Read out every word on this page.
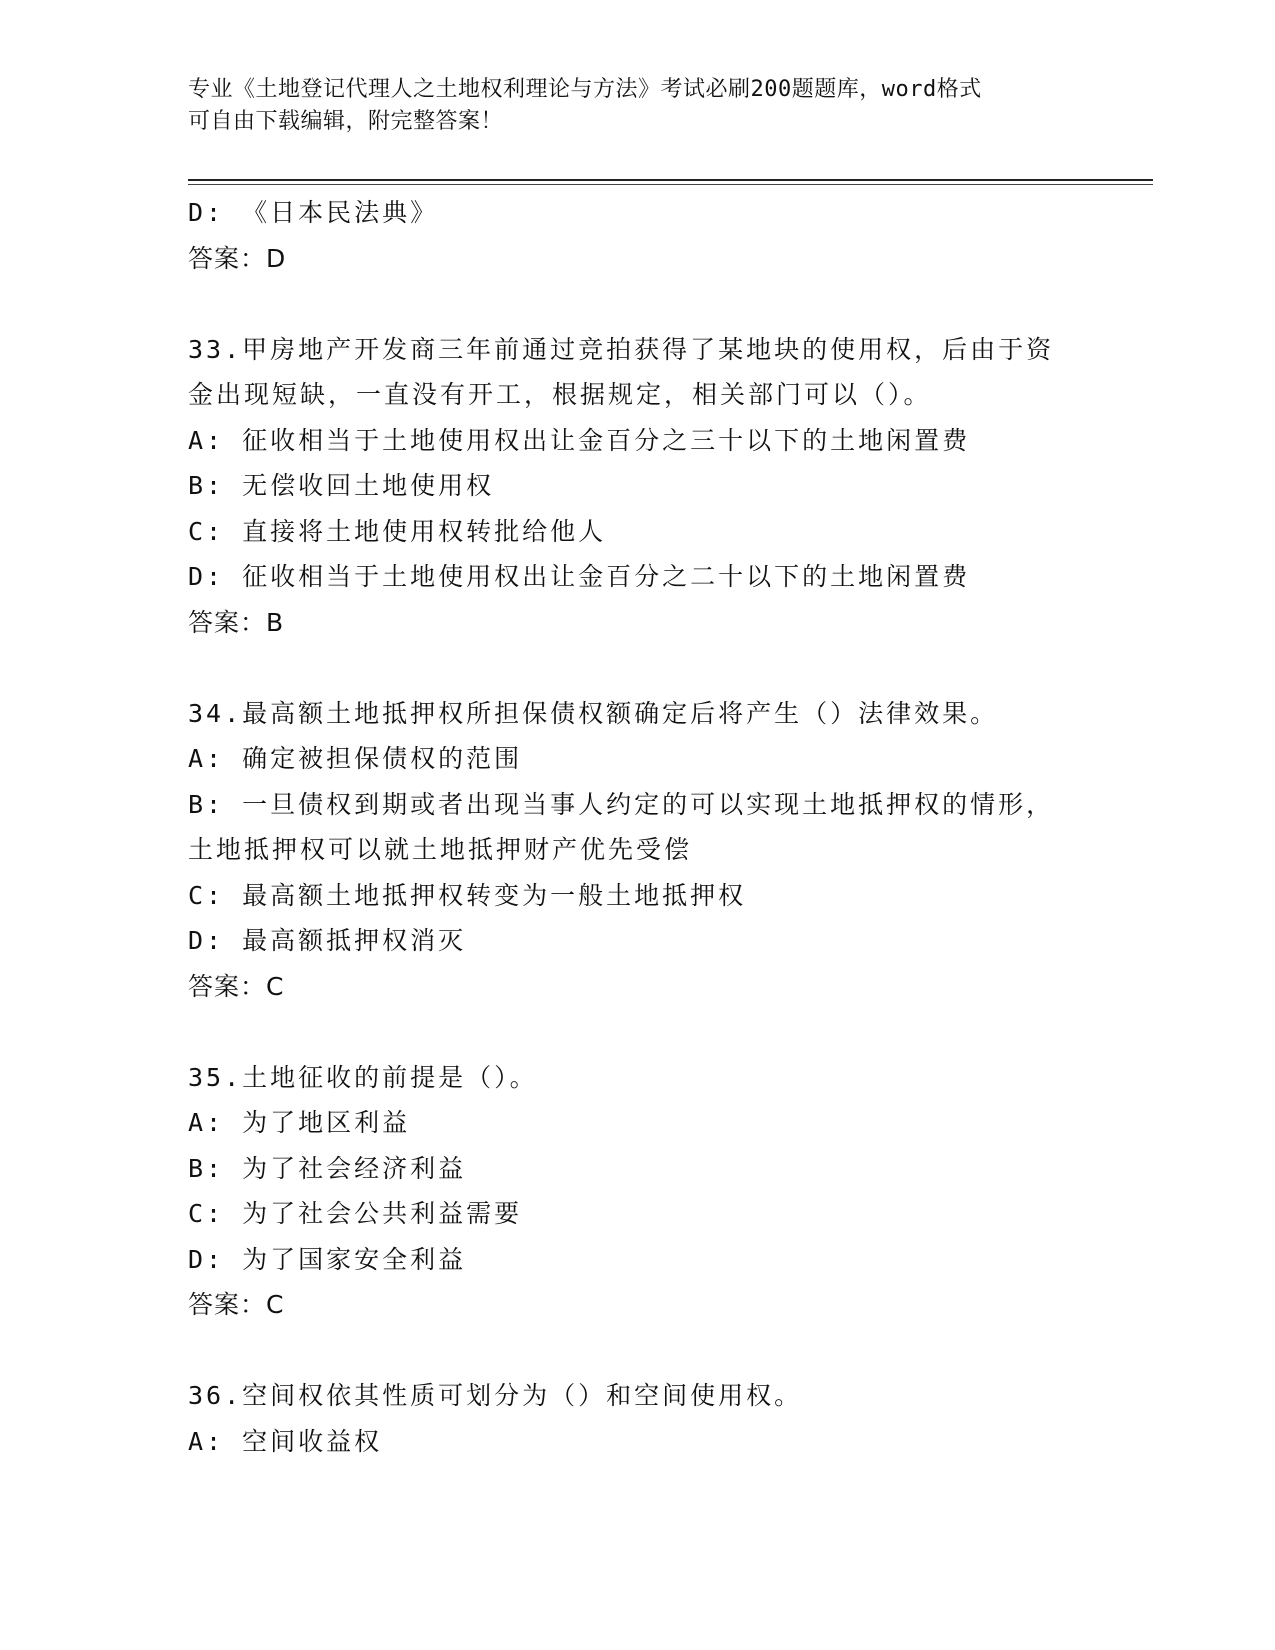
专业《土地登记代理人之土地权利理论与方法》考试必刷200题题库，word格式
可自由下载编辑，附完整答案！
D: 《日本民法典》
答案：D
33.甲房地产开发商三年前通过竞拍获得了某地块的使用权，后由于资
金出现短缺，一直没有开工，根据规定，相关部门可以（）。
A: 征收相当于土地使用权出让金百分之三十以下的土地闲置费
B: 无偿收回土地使用权
C: 直接将土地使用权转批给他人
D: 征收相当于土地使用权出让金百分之二十以下的土地闲置费
答案：B
34.最高额土地抵押权所担保债权额确定后将产生（）法律效果。
A: 确定被担保债权的范围
B: 一旦债权到期或者出现当事人约定的可以实现土地抵押权的情形，
土地抵押权可以就土地抵押财产优先受偿
C: 最高额土地抵押权转变为一般土地抵押权
D: 最高额抵押权消灭
答案：C
35.土地征收的前提是（）。
A: 为了地区利益
B: 为了社会经济利益
C: 为了社会公共利益需要
D: 为了国家安全利益
答案：C
36.空间权依其性质可划分为（）和空间使用权。
A: 空间收益权
